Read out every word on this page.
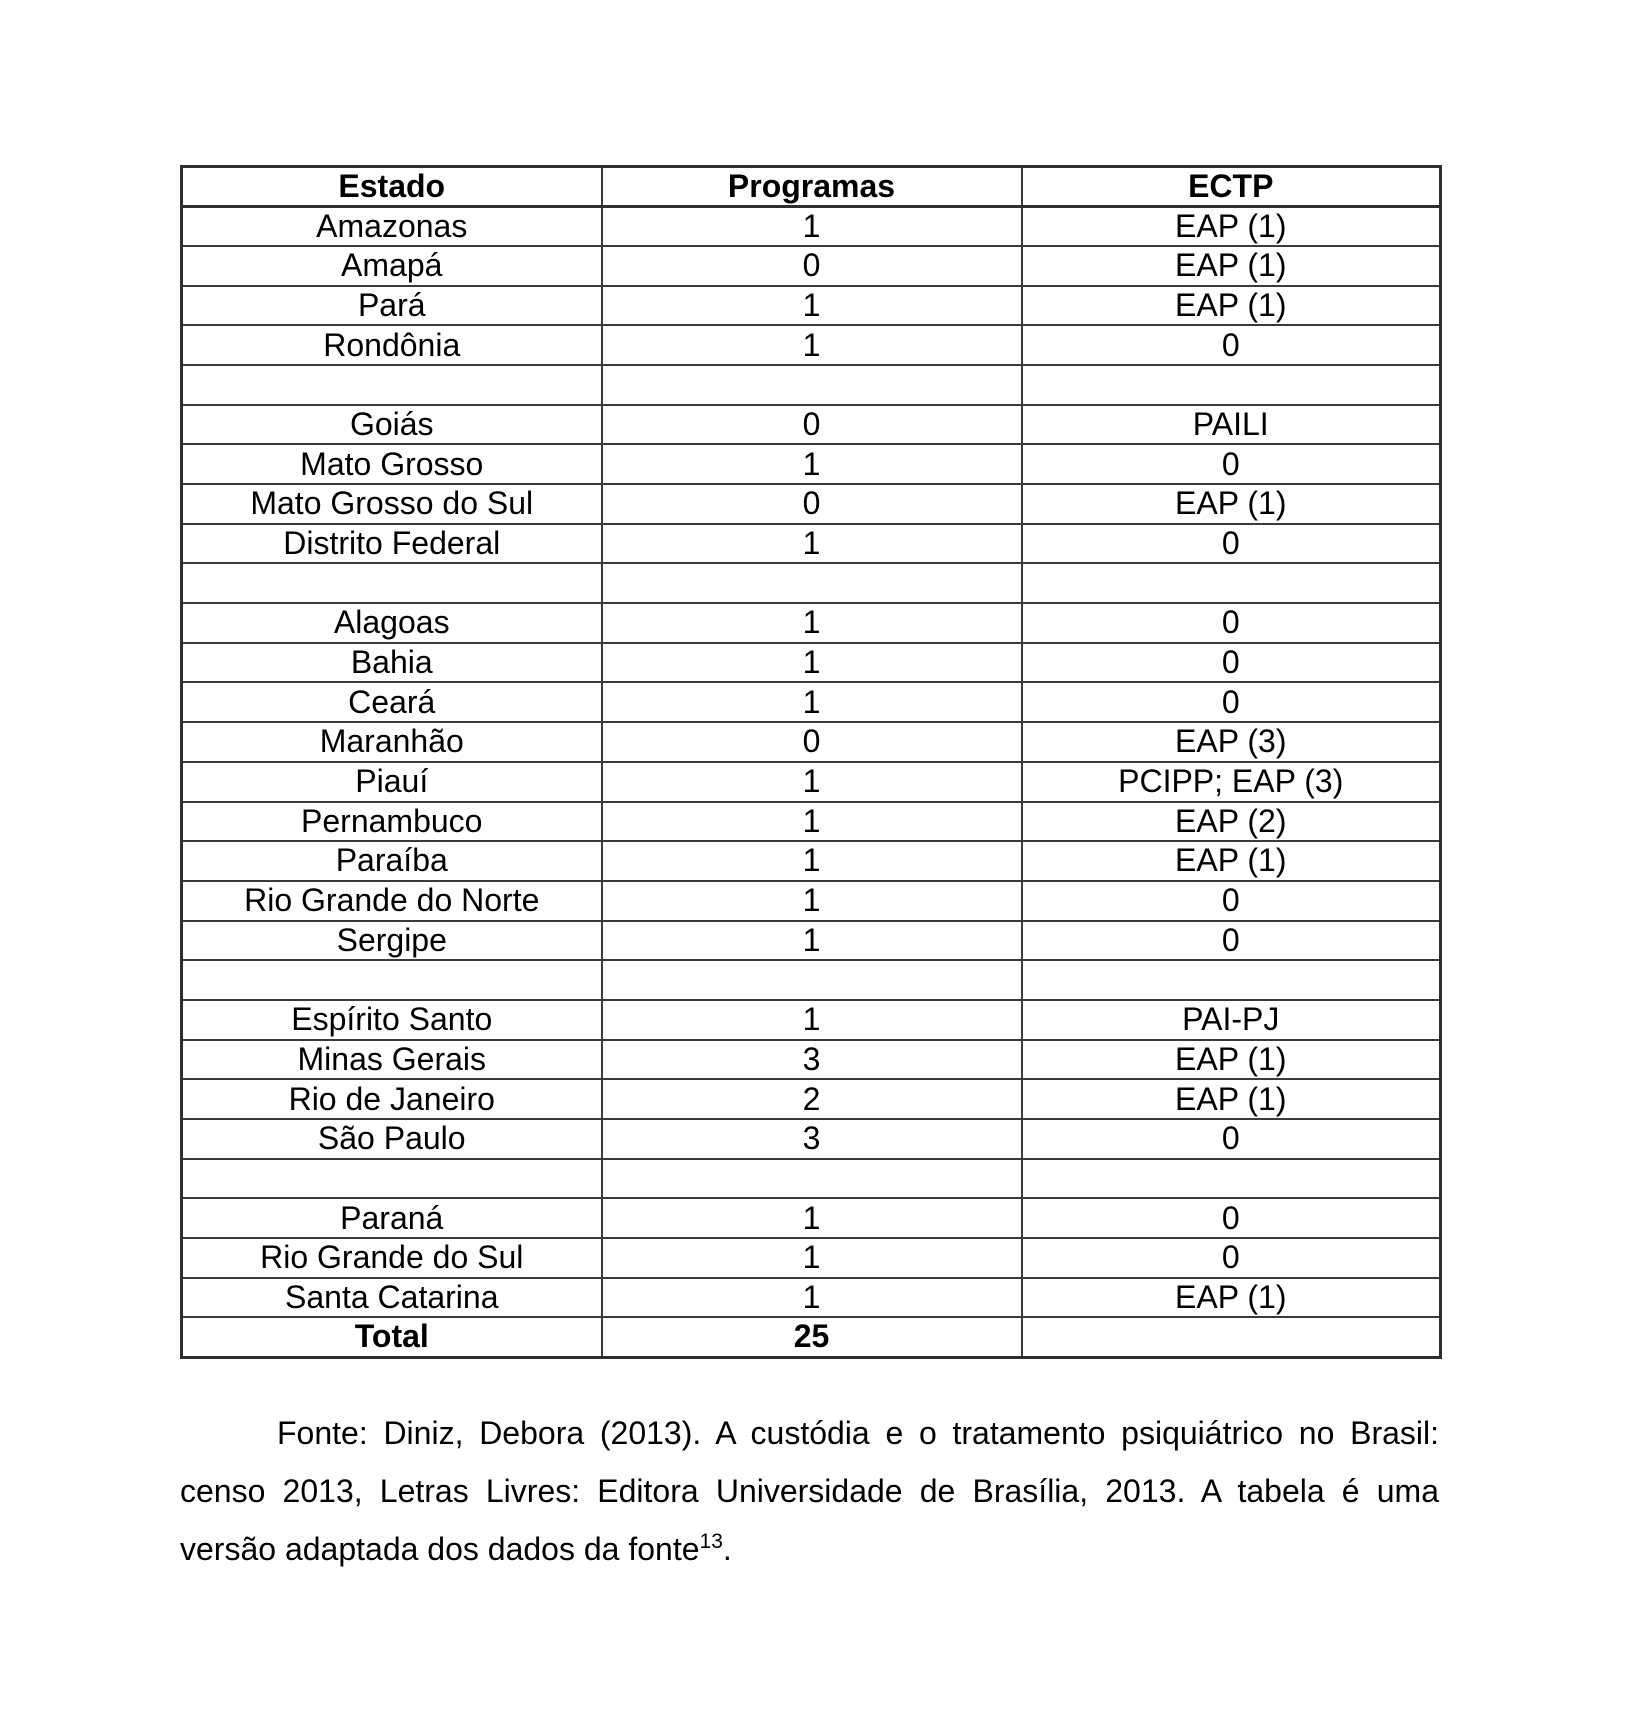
Estado	Programas	ECTP
Amazonas	1	EAP (1)
Amapá	0	EAP (1)
Pará	1	EAP (1)
Rondônia	1	0

Goiás	0	PAILI
Mato Grosso	1	0
Mato Grosso do Sul	0	EAP (1)
Distrito Federal	1	0

Alagoas	1	0
Bahia	1	0
Ceará	1	0
Maranhão	0	EAP (3)
Piauí	1	PCIPP; EAP (3)
Pernambuco	1	EAP (2)
Paraíba	1	EAP (1)
Rio Grande do Norte	1	0
Sergipe	1	0

Espírito Santo	1	PAI-PJ
Minas Gerais	3	EAP (1)
Rio de Janeiro	2	EAP (1)
São Paulo	3	0

Paraná	1	0
Rio Grande do Sul	1	0
Santa Catarina	1	EAP (1)
Total	25	
Fonte: Diniz, Debora (2013). A custódia e o tratamento psiquiátrico no Brasil:
censo 2013, Letras Livres: Editora Universidade de Brasília, 2013. A tabela é uma
versão adaptada dos dados da fonte$^{13}$.
